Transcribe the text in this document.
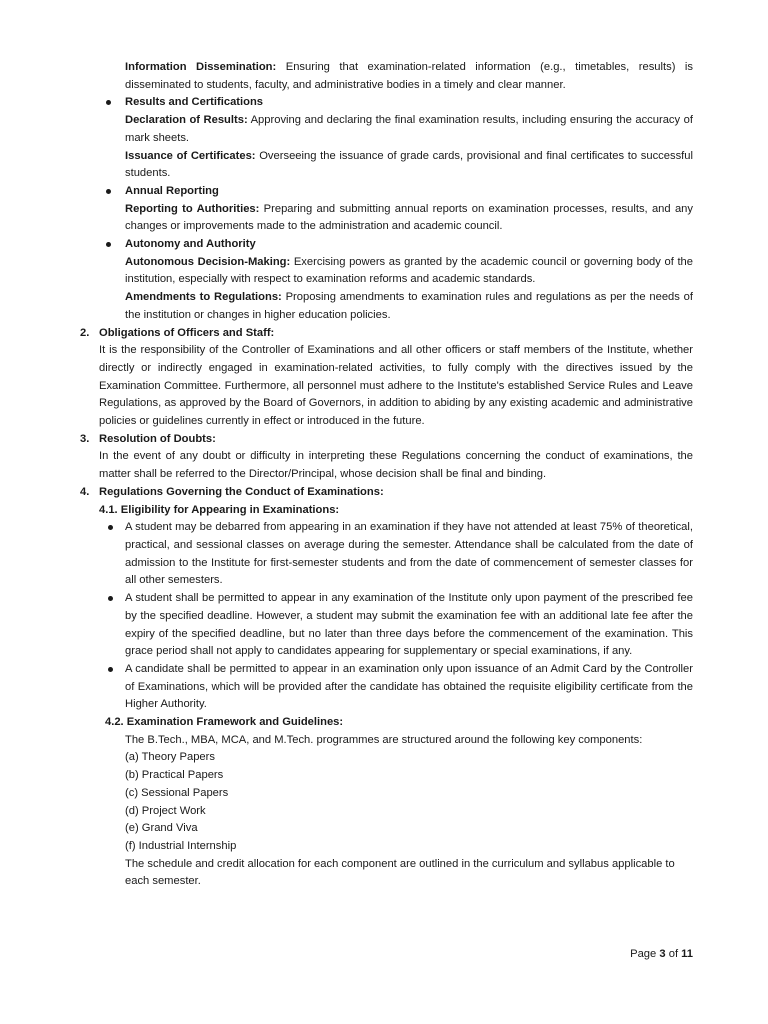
Information Dissemination: Ensuring that examination-related information (e.g., timetables, results) is disseminated to students, faculty, and administrative bodies in a timely and clear manner.

Results and Certifications

Declaration of Results: Approving and declaring the final examination results, including ensuring the accuracy of mark sheets.

Issuance of Certificates: Overseeing the issuance of grade cards, provisional and final certificates to successful students.

Annual Reporting

Reporting to Authorities: Preparing and submitting annual reports on examination processes, results, and any changes or improvements made to the administration and academic council.

Autonomy and Authority

Autonomous Decision-Making: Exercising powers as granted by the academic council or governing body of the institution, especially with respect to examination reforms and academic standards.

Amendments to Regulations: Proposing amendments to examination rules and regulations as per the needs of the institution or changes in higher education policies.

2. Obligations of Officers and Staff:

It is the responsibility of the Controller of Examinations and all other officers or staff members of the Institute, whether directly or indirectly engaged in examination-related activities, to fully comply with the directives issued by the Examination Committee. Furthermore, all personnel must adhere to the Institute's established Service Rules and Leave Regulations, as approved by the Board of Governors, in addition to abiding by any existing academic and administrative policies or guidelines currently in effect or introduced in the future.

3. Resolution of Doubts:

In the event of any doubt or difficulty in interpreting these Regulations concerning the conduct of examinations, the matter shall be referred to the Director/Principal, whose decision shall be final and binding.

4. Regulations Governing the Conduct of Examinations:

4.1. Eligibility for Appearing in Examinations:

A student may be debarred from appearing in an examination if they have not attended at least 75% of theoretical, practical, and sessional classes on average during the semester. Attendance shall be calculated from the date of admission to the Institute for first-semester students and from the date of commencement of semester classes for all other semesters.

A student shall be permitted to appear in any examination of the Institute only upon payment of the prescribed fee by the specified deadline. However, a student may submit the examination fee with an additional late fee after the expiry of the specified deadline, but no later than three days before the commencement of the examination. This grace period shall not apply to candidates appearing for supplementary or special examinations, if any.

A candidate shall be permitted to appear in an examination only upon issuance of an Admit Card by the Controller of Examinations, which will be provided after the candidate has obtained the requisite eligibility certificate from the Higher Authority.

4.2. Examination Framework and Guidelines:

The B.Tech., MBA, MCA, and M.Tech. programmes are structured around the following key components:

(a) Theory Papers
(b) Practical Papers
(c) Sessional Papers
(d) Project Work
(e) Grand Viva
(f) Industrial Internship

The schedule and credit allocation for each component are outlined in the curriculum and syllabus applicable to each semester.

Page 3 of 11
